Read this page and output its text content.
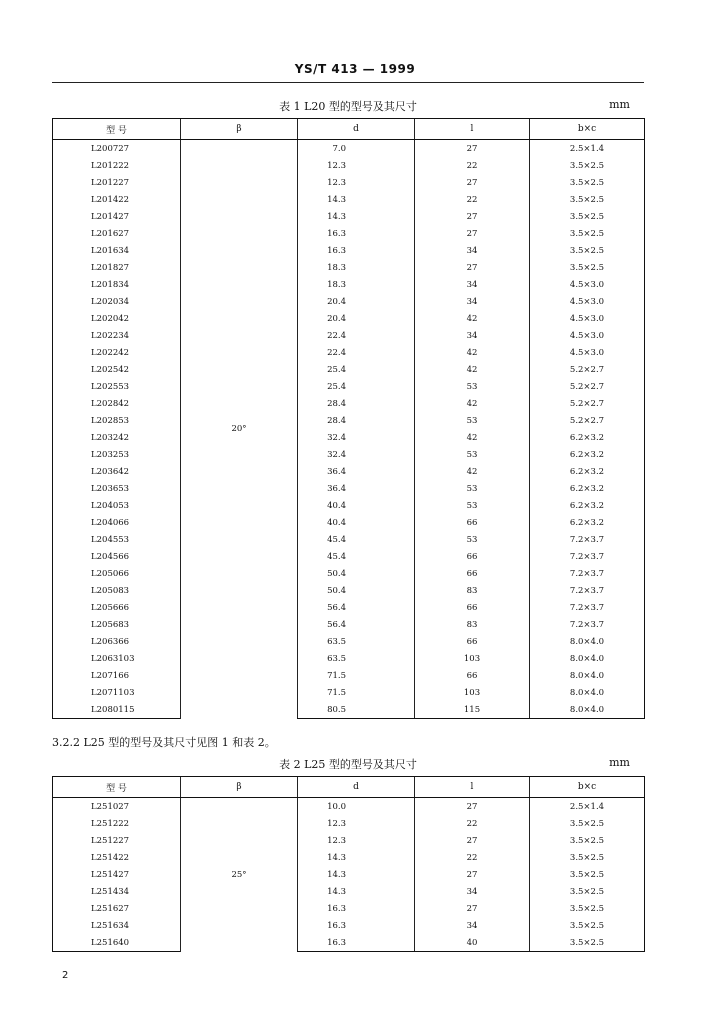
YS/T 413 — 1999
表 1 L20 型的型号及其尺寸	mm
型 号	β	d	l	b×c
L200727	20°	7.0	27	2.5×1.4
L201222		12.3	22	3.5×2.5
L201227		12.3	27	3.5×2.5
L201422		14.3	22	3.5×2.5
L201427		14.3	27	3.5×2.5
L201627		16.3	27	3.5×2.5
L201634		16.3	34	3.5×2.5
L201827		18.3	27	3.5×2.5
L201834		18.3	34	4.5×3.0
L202034		20.4	34	4.5×3.0
L202042		20.4	42	4.5×3.0
L202234		22.4	34	4.5×3.0
L202242		22.4	42	4.5×3.0
L202542		25.4	42	5.2×2.7
L202553		25.4	53	5.2×2.7
L202842		28.4	42	5.2×2.7
L202853		28.4	53	5.2×2.7
L203242		32.4	42	6.2×3.2
L203253		32.4	53	6.2×3.2
L203642		36.4	42	6.2×3.2
L203653		36.4	53	6.2×3.2
L204053		40.4	53	6.2×3.2
L204066		40.4	66	6.2×3.2
L204553		45.4	53	7.2×3.7
L204566		45.4	66	7.2×3.7
L205066		50.4	66	7.2×3.7
L205083		50.4	83	7.2×3.7
L205666		56.4	66	7.2×3.7
L205683		56.4	83	7.2×3.7
L206366		63.5	66	8.0×4.0
L2063103		63.5	103	8.0×4.0
L207166		71.5	66	8.0×4.0
L2071103		71.5	103	8.0×4.0
L2080115		80.5	115	8.0×4.0
3.2.2 L25 型的型号及其尺寸见图 1 和表 2。
表 2 L25 型的型号及其尺寸	mm
型 号	β	d	l	b×c
L251027	25°	10.0	27	2.5×1.4
L251222		12.3	22	3.5×2.5
L251227		12.3	27	3.5×2.5
L251422		14.3	22	3.5×2.5
L251427		14.3	27	3.5×2.5
L251434		14.3	34	3.5×2.5
L251627		16.3	27	3.5×2.5
L251634		16.3	34	3.5×2.5
L251640		16.3	40	3.5×2.5
2
